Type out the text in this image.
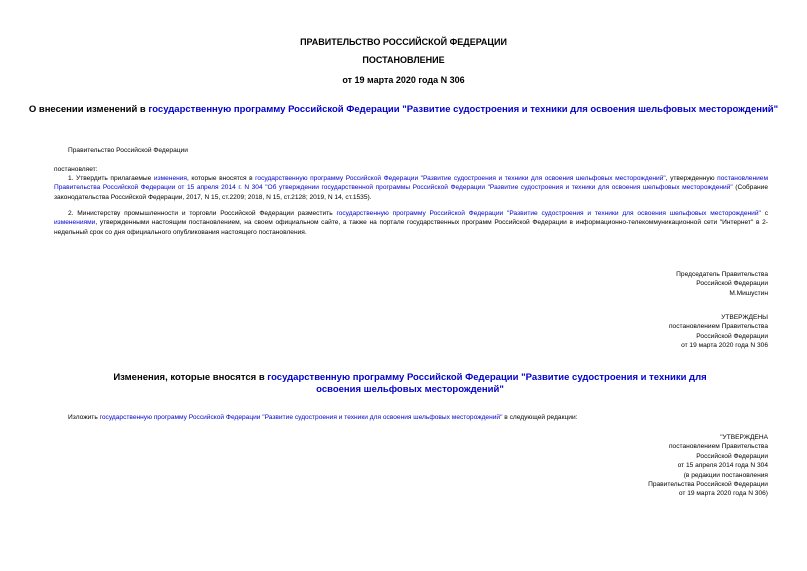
ПРАВИТЕЛЬСТВО РОССИЙСКОЙ ФЕДЕРАЦИИ
ПОСТАНОВЛЕНИЕ
от 19 марта 2020 года N 306
О внесении изменений в государственную программу Российской Федерации "Развитие судостроения и техники для освоения шельфовых месторождений"
Правительство Российской Федерации
постановляет:
1. Утвердить прилагаемые изменения, которые вносятся в государственную программу Российской Федерации "Развитие судостроения и техники для освоения шельфовых месторождений", утвержденную постановлением Правительства Российской Федерации от 15 апреля 2014 г. N 304 "Об утверждении государственной программы Российской Федерации "Развитие судостроения и техники для освоения шельфовых месторождений" (Собрание законодательства Российской Федерации, 2017, N 15, ст.2209; 2018, N 15, ст.2128; 2019, N 14, ст.1535).
2. Министерству промышленности и торговли Российской Федерации разместить государственную программу Российской Федерации "Развитие судостроения и техники для освоения шельфовых месторождений" с изменениями, утвержденными настоящим постановлением, на своем официальном сайте, а также на портале государственных программ Российской Федерации в информационно-телекоммуникационной сети "Интернет" в 2-недельный срок со дня официального опубликования настоящего постановления.
Председатель Правительства
Российской Федерации
М.Мишустин
УТВЕРЖДЕНЫ
постановлением Правительства
Российской Федерации
от 19 марта 2020 года N 306
Изменения, которые вносятся в государственную программу Российской Федерации "Развитие судостроения и техники для освоения шельфовых месторождений"
Изложить государственную программу Российской Федерации "Развитие судостроения и техники для освоения шельфовых месторождений" в следующей редакции:
"УТВЕРЖДЕНА
постановлением Правительства
Российской Федерации
от 15 апреля 2014 года N 304
(в редакции постановления
Правительства Российской Федерации
от 19 марта 2020 года N 306)
